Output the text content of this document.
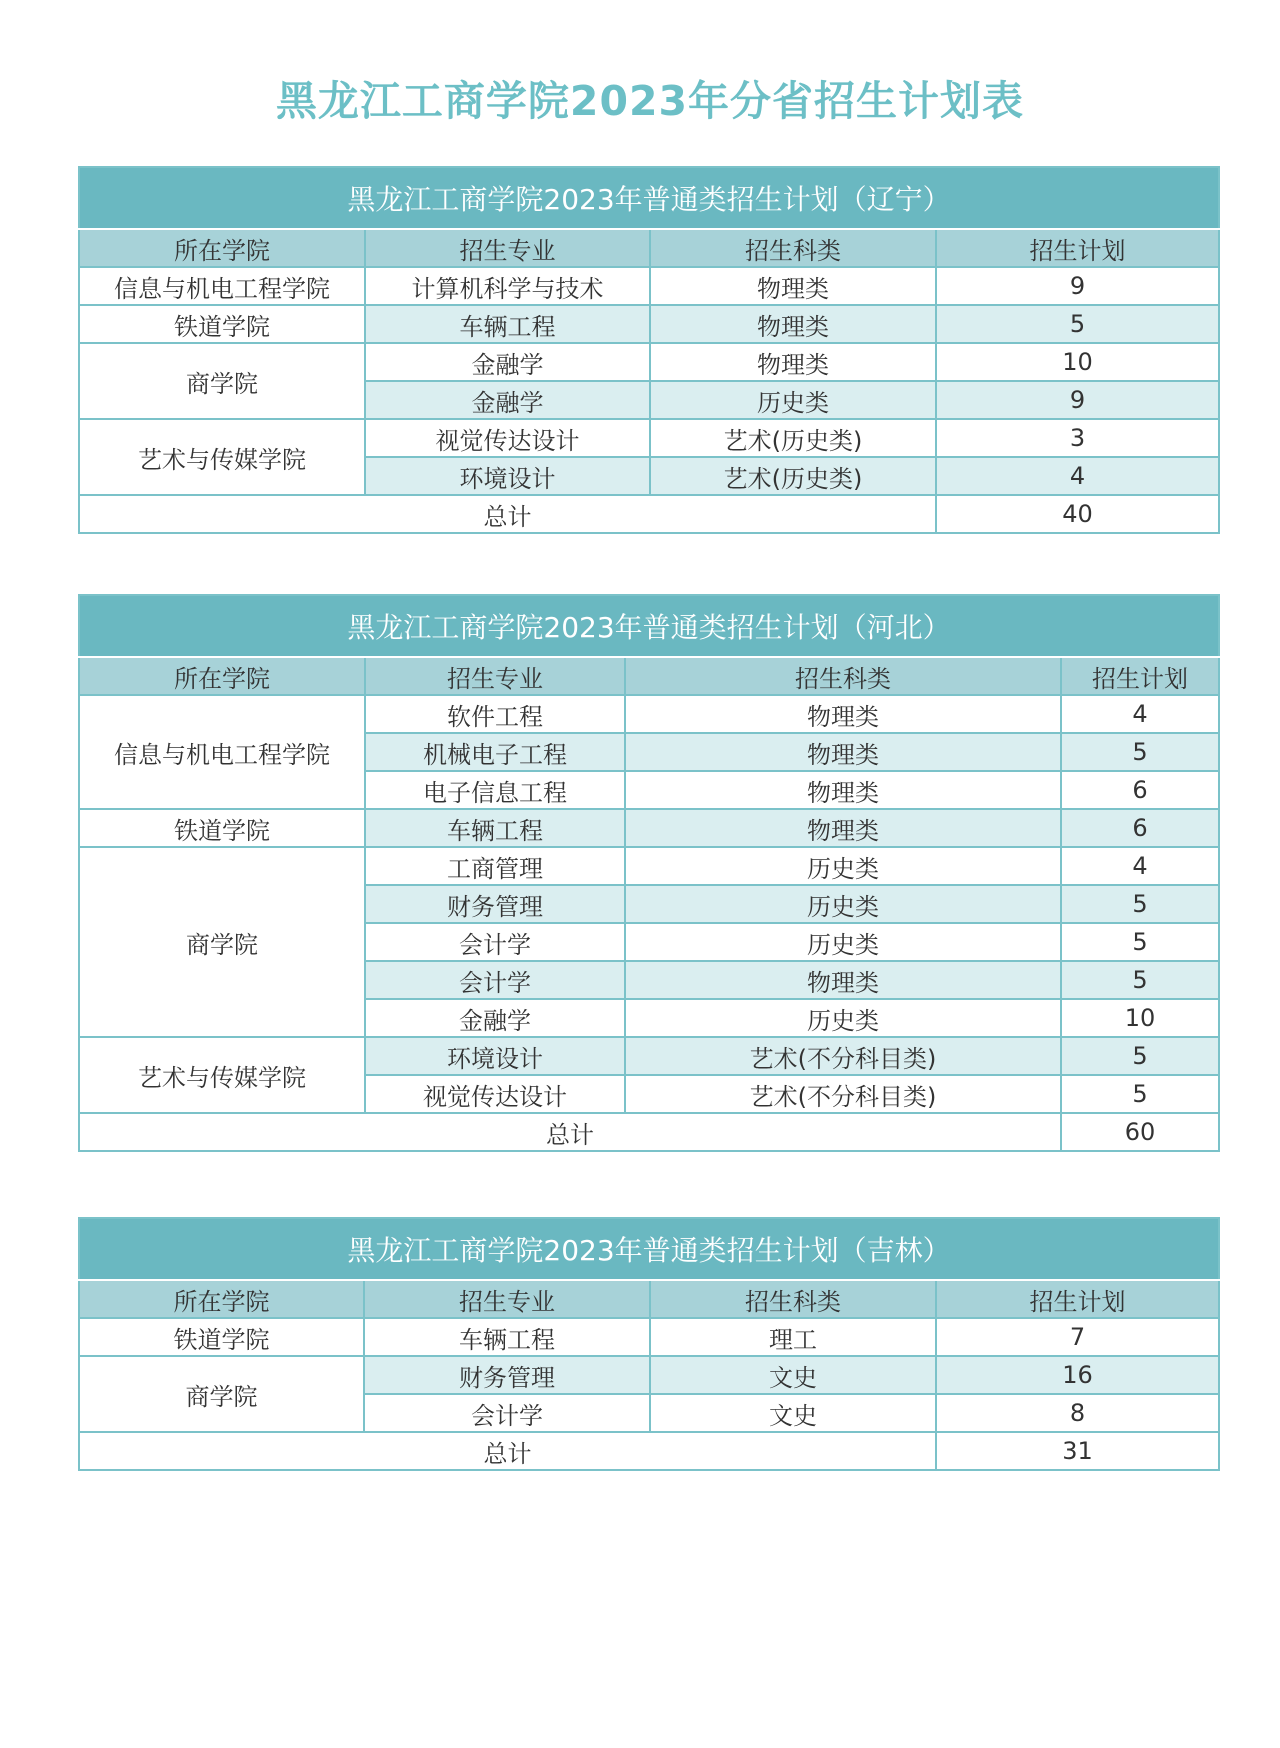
黑龙江工商学院2023年分省招生计划表
黑龙江工商学院2023年普通类招生计划（辽宁）			
所在学院	招生专业	招生科类	招生计划
信息与机电工程学院	计算机科学与技术	物理类	9
铁道学院	车辆工程	物理类	5
商学院	金融学	物理类	10
	金融学	历史类	9
艺术与传媒学院	视觉传达设计	艺术(历史类)	3
	环境设计	艺术(历史类)	4
总计			40
黑龙江工商学院2023年普通类招生计划（河北）			
所在学院	招生专业	招生科类	招生计划
信息与机电工程学院	软件工程	物理类	4
	机械电子工程	物理类	5
	电子信息工程	物理类	6
铁道学院	车辆工程	物理类	6
商学院	工商管理	历史类	4
	财务管理	历史类	5
	会计学	历史类	5
	会计学	物理类	5
	金融学	历史类	10
艺术与传媒学院	环境设计	艺术(不分科目类)	5
	视觉传达设计	艺术(不分科目类)	5
总计			60
黑龙江工商学院2023年普通类招生计划（吉林）			
所在学院	招生专业	招生科类	招生计划
铁道学院	车辆工程	理工	7
商学院	财务管理	文史	16
	会计学	文史	8
总计			31
